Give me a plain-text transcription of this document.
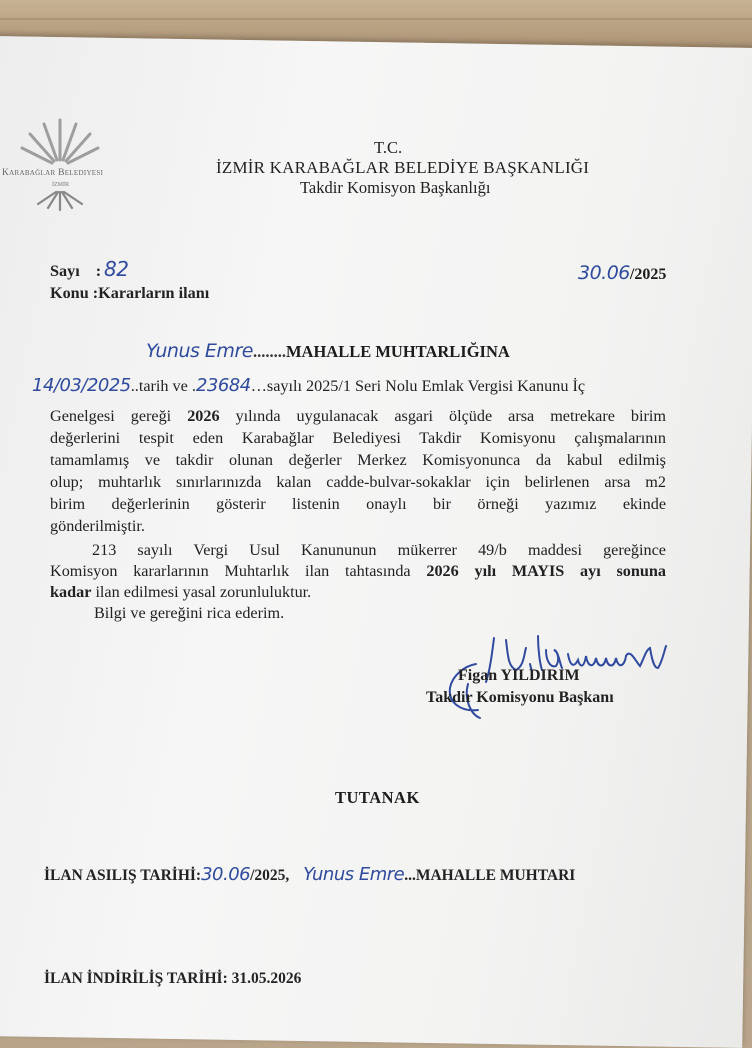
Karabağlar Belediyesi
İZMİR
T.C.
İZMİR KARABAĞLAR BELEDİYE BAŞKANLIĞI
Takdir Komisyon Başkanlığı
Sayı : 82
Konu :Kararların ilanı
30.06/2025
Yunus Emre........MAHALLE MUHTARLIĞINA
14/03/2025..tarih ve .23684…sayılı 2025/1 Seri Nolu Emlak Vergisi Kanunu İç
Genelgesi gereği 2026 yılında uygulanacak asgari ölçüde arsa metrekare birim
değerlerini tespit eden Karabağlar Belediyesi Takdir Komisyonu çalışmalarının
tamamlamış ve takdir olunan değerler Merkez Komisyonunca da kabul edilmiş
olup; muhtarlık sınırlarınızda kalan cadde-bulvar-sokaklar için belirlenen arsa m2
birim değerlerinin gösterir listenin onaylı bir örneği yazımız ekinde
gönderilmiştir.
213 sayılı Vergi Usul Kanununun mükerrer 49/b maddesi gereğince
Komisyon kararlarının Muhtarlık ilan tahtasında 2026 yılı MAYIS ayı sonuna
kadar ilan edilmesi yasal zorunluluktur.
Bilgi ve gereğini rica ederim.
Figan YILDIRIM
Takdir Komisyonu Başkanı
TUTANAK
İLAN ASILIŞ TARİHİ:30.06/2025, Yunus Emre...MAHALLE MUHTARI
İLAN İNDİRİLİŞ TARİHİ: 31.05.2026
